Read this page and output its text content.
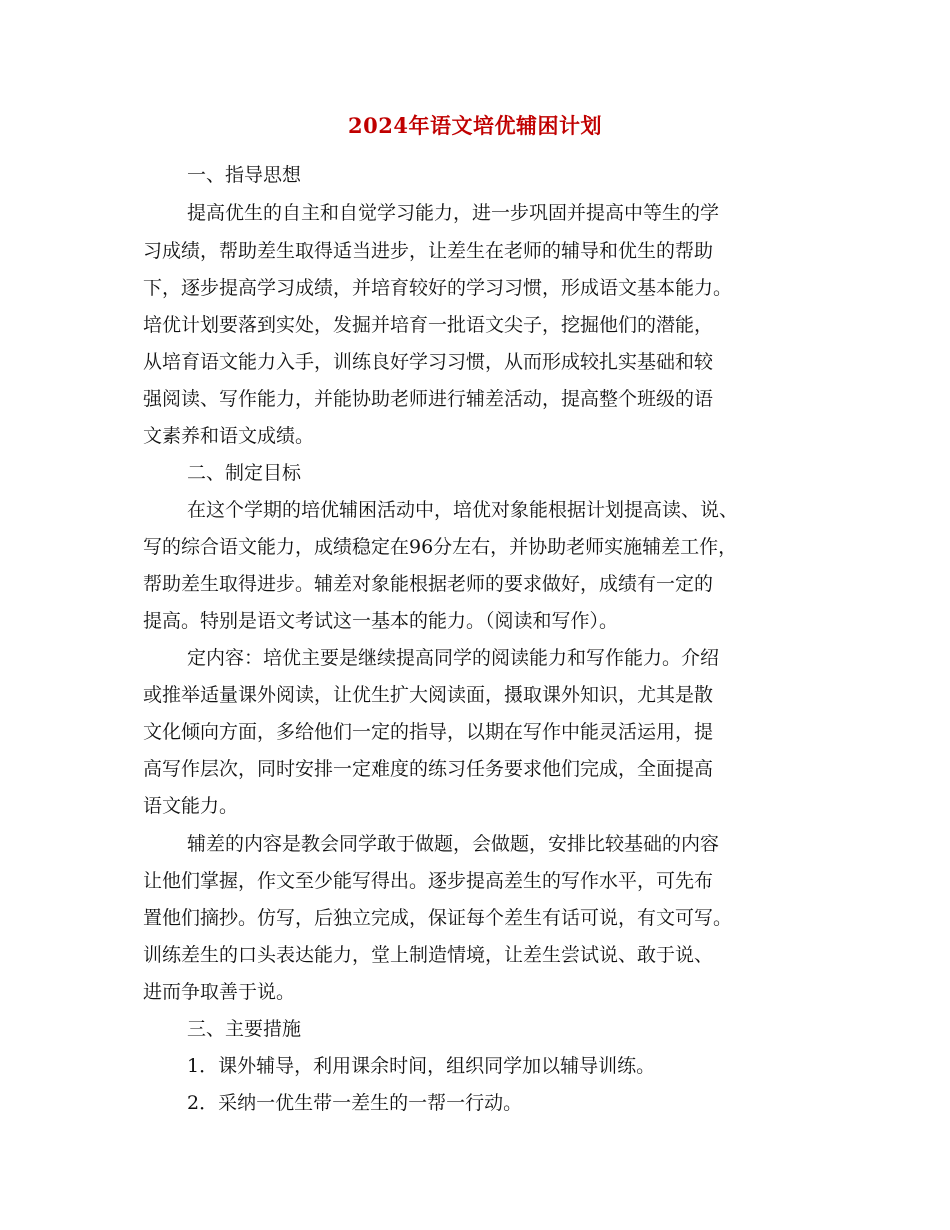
2024年语文培优辅困计划
一、指导思想
提高优生的自主和自觉学习能力，进一步巩固并提高中等生的学
习成绩，帮助差生取得适当进步，让差生在老师的辅导和优生的帮助
下，逐步提高学习成绩，并培育较好的学习习惯，形成语文基本能力。
培优计划要落到实处，发掘并培育一批语文尖子，挖掘他们的潜能，
从培育语文能力入手，训练良好学习习惯，从而形成较扎实基础和较
强阅读、写作能力，并能协助老师进行辅差活动，提高整个班级的语
文素养和语文成绩。
二、制定目标
在这个学期的培优辅困活动中，培优对象能根据计划提高读、说、
写的综合语文能力，成绩稳定在96分左右，并协助老师实施辅差工作，
帮助差生取得进步。辅差对象能根据老师的要求做好，成绩有一定的
提高。特别是语文考试这一基本的能力。（阅读和写作）。
定内容：培优主要是继续提高同学的阅读能力和写作能力。介绍
或推举适量课外阅读，让优生扩大阅读面，摄取课外知识，尤其是散
文化倾向方面，多给他们一定的指导，以期在写作中能灵活运用，提
高写作层次，同时安排一定难度的练习任务要求他们完成，全面提高
语文能力。
辅差的内容是教会同学敢于做题，会做题，安排比较基础的内容
让他们掌握，作文至少能写得出。逐步提高差生的写作水平，可先布
置他们摘抄。仿写，后独立完成，保证每个差生有话可说，有文可写。
训练差生的口头表达能力，堂上制造情境，让差生尝试说、敢于说、
进而争取善于说。
三、主要措施
1．课外辅导，利用课余时间，组织同学加以辅导训练。
2．采纳一优生带一差生的一帮一行动。
